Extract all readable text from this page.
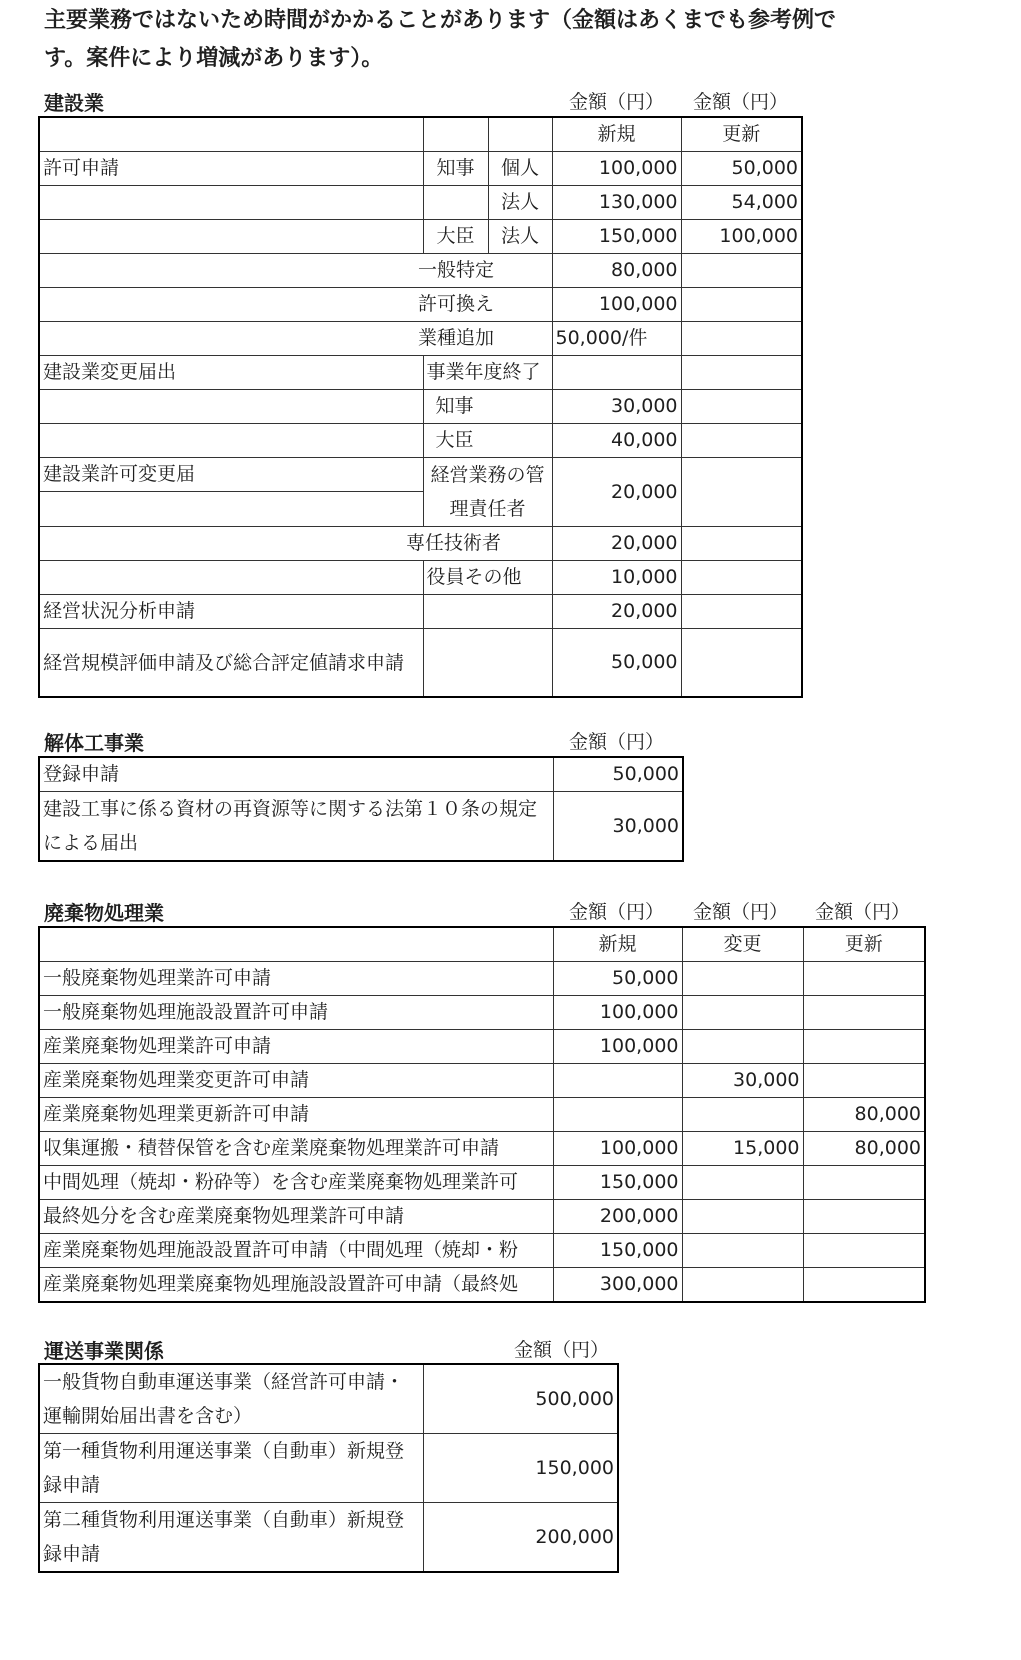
主要業務ではないため時間がかかることがあります（金額はあくまでも参考例です。案件により増減があります）。
建設業	金額（円） 金額（円）
			新規	更新
許可申請	知事	個人	100,000	50,000
		法人	130,000	54,000
	大臣	法人	150,000	100,000
一般特定			80,000	
許可換え			100,000	
業種追加			50,000/件	
建設業変更届出	事業年度終了			
	知事		30,000	
	大臣		40,000	

建設業許可変更届	経営業務の管理責任者		20,000	
専任技術者			20,000	
	役員その他		10,000	
経営状況分析申請			20,000	
経営規模評価申請及び総合評定値請求申請			50,000	
解体工事業	金額（円）
登録申請	50,000
建設工事に係る資材の再資源等に関する法第１０条の規定による届出	30,000
廃棄物処理業	金額（円） 金額（円） 金額（円）
	新規	変更	更新
一般廃棄物処理業許可申請	50,000		
一般廃棄物処理施設設置許可申請	100,000		
産業廃棄物処理業許可申請	100,000		
産業廃棄物処理業変更許可申請		30,000	
産業廃棄物処理業更新許可申請			80,000
収集運搬・積替保管を含む産業廃棄物処理業許可申請	100,000	15,000	80,000
中間処理（焼却・粉砕等）を含む産業廃棄物処理業許可	150,000		
最終処分を含む産業廃棄物処理業許可申請	200,000		
産業廃棄物処理施設設置許可申請（中間処理（焼却・粉	150,000		
産業廃棄物処理業廃棄物処理施設設置許可申請（最終処	300,000		
運送事業関係	金額（円）
一般貨物自動車運送事業（経営許可申請・運輸開始届出書を含む）	500,000
第一種貨物利用運送事業（自動車）新規登録申請	150,000
第二種貨物利用運送事業（自動車）新規登録申請	200,000
